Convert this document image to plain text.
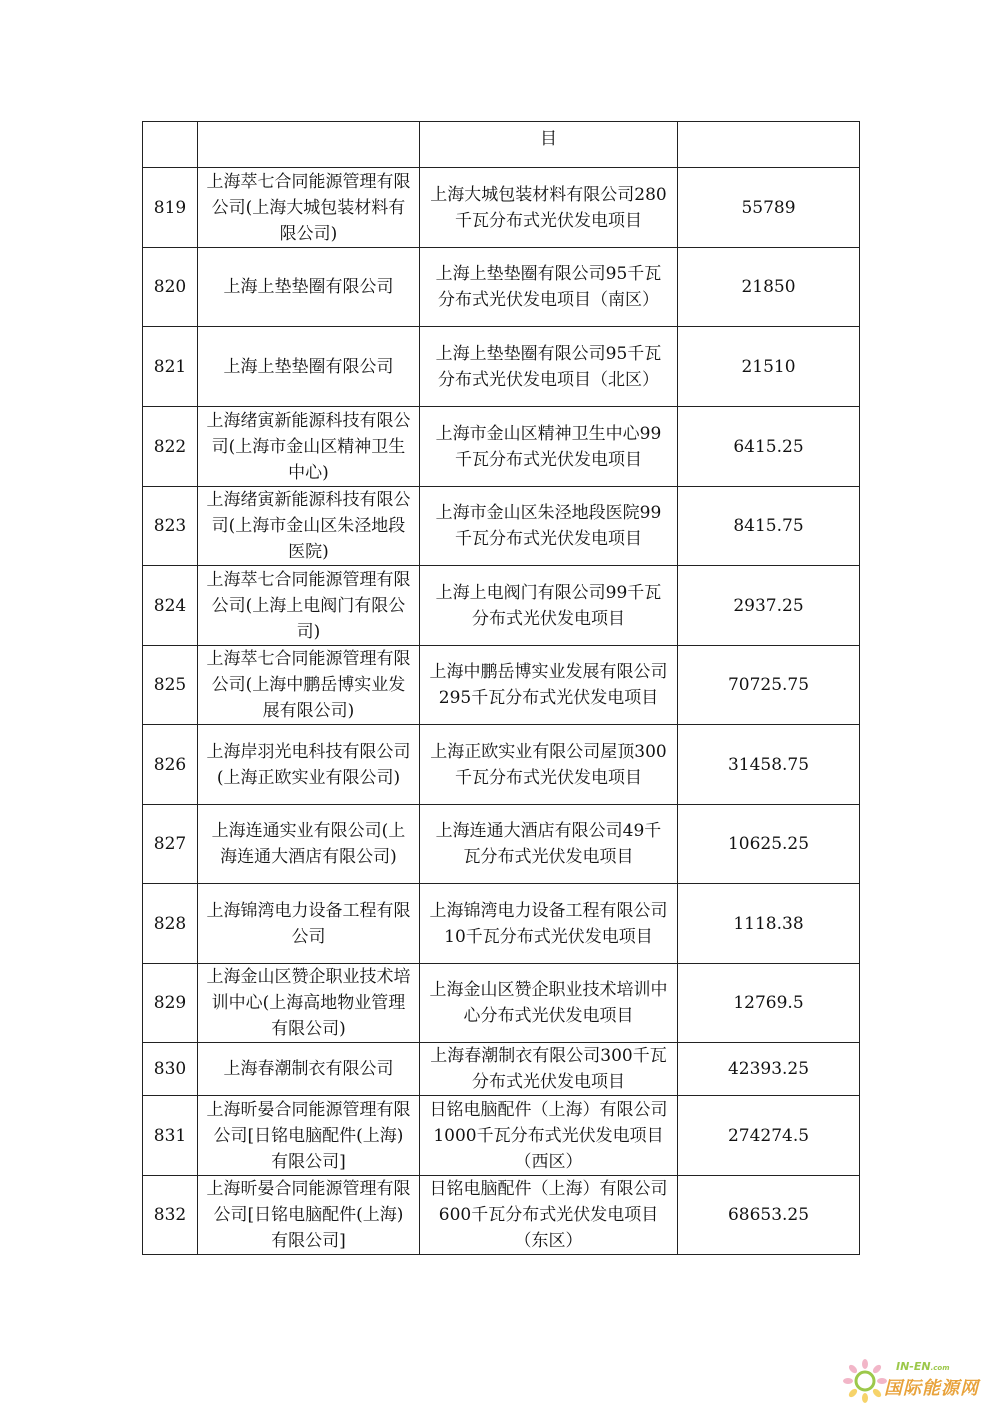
		目	
819	上海萃七合同能源管理有限公司(上海大城包装材料有限公司)	上海大城包装材料有限公司280千瓦分布式光伏发电项目	55789
820	上海上垫垫圈有限公司	上海上垫垫圈有限公司95千瓦分布式光伏发电项目（南区）	21850
821	上海上垫垫圈有限公司	上海上垫垫圈有限公司95千瓦分布式光伏发电项目（北区）	21510
822	上海绪寅新能源科技有限公司(上海市金山区精神卫生中心)	上海市金山区精神卫生中心99千瓦分布式光伏发电项目	6415.25
823	上海绪寅新能源科技有限公司(上海市金山区朱泾地段医院)	上海市金山区朱泾地段医院99千瓦分布式光伏发电项目	8415.75
824	上海萃七合同能源管理有限公司(上海上电阀门有限公司)	上海上电阀门有限公司99千瓦分布式光伏发电项目	2937.25
825	上海萃七合同能源管理有限公司(上海中鹏岳博实业发展有限公司)	上海中鹏岳博实业发展有限公司295千瓦分布式光伏发电项目	70725.75
826	上海岸羽光电科技有限公司(上海正欧实业有限公司)	上海正欧实业有限公司屋顶300千瓦分布式光伏发电项目	31458.75
827	上海连通实业有限公司(上海连通大酒店有限公司)	上海连通大酒店有限公司49千瓦分布式光伏发电项目	10625.25
828	上海锦湾电力设备工程有限公司	上海锦湾电力设备工程有限公司10千瓦分布式光伏发电项目	1118.38
829	上海金山区赞企职业技术培训中心(上海高地物业管理有限公司)	上海金山区赞企职业技术培训中心分布式光伏发电项目	12769.5
830	上海春潮制衣有限公司	上海春潮制衣有限公司300千瓦分布式光伏发电项目	42393.25
831	上海昕晏合同能源管理有限公司[日铭电脑配件(上海)有限公司]	日铭电脑配件（上海）有限公司1000千瓦分布式光伏发电项目（西区）	274274.5
832	上海昕晏合同能源管理有限公司[日铭电脑配件(上海)有限公司]	日铭电脑配件（上海）有限公司600千瓦分布式光伏发电项目（东区）	68653.25
IN-EN.com
国际能源网
